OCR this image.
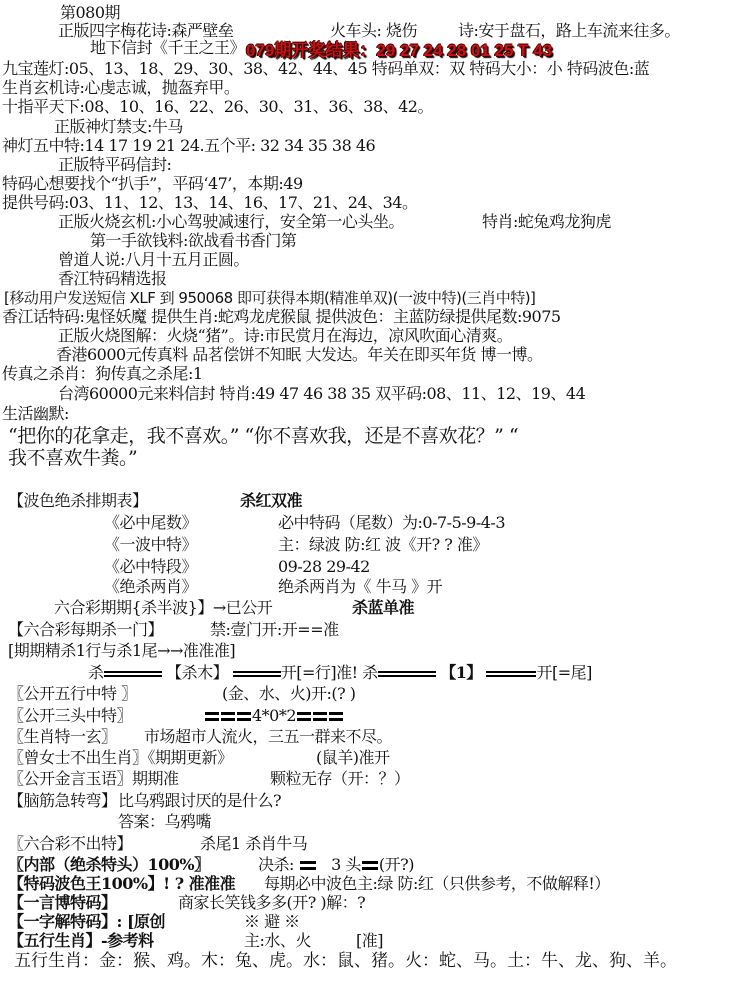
第080期
正版四字梅花诗:森严壁垒	火车头: 烧伤	诗:安于盘石，路上车流来往多。
地下信封《千王之王》 079期开奖结果：29 27 24 28 01 25 T 43
九宝莲灯:05、13、18、29、30、38、42、44、45 特码单双：双 特码大小：小 特码波色:蓝
生肖玄机诗:心虔志诚，抛盔弃甲。
十指平天下:08、10、16、22、26、30、31、36、38、42。
正版神灯禁支:牛马
神灯五中特:14 17 19 21 24.五个平: 32 34 35 38 46
正版特平码信封:
特码心想要找个“扒手”，平码‘47’，本期:49
提供号码:03、11、12、13、14、16、17、21、24、34。
正版火烧玄机:小心驾驶减速行，安全第一心头坐。	特肖:蛇兔鸡龙狗虎
第一手欲钱料:欲战看书香门第
曾道人说:八月十五月正圆。
香江特码精选报
[移动用户发送短信 XLF 到 950068 即可获得本期(精准单双)(一波中特)(三肖中特)]
香江话特码:鬼怪妖魔 提供生肖:蛇鸡龙虎猴鼠 提供波色：主蓝防绿提供尾数:9075
正版火烧图解：火烧“猪”。诗:市民赏月在海边，凉风吹面心清爽。
香港6000元传真料 品茗偿饼不知眠 大发达。年关在即买年货 博一博。
传真之杀肖：狗传真之杀尾:1
台湾60000元来料信封 特肖:49 47 46 38 35 双平码:08、11、12、19、44
生活幽默:
“把你的花拿走，我不喜欢。” “你不喜欢我，还是不喜欢花？” “
我不喜欢牛粪。”
【波色绝杀排期表】	杀红双准
《必中尾数》	必中特码（尾数）为:0-7-5-9-4-3
《一波中特》	主：绿波 防:红 波《开? ? 准》
《必中特段》	09-28 29-42
《绝杀两肖》	绝杀两肖为《 牛马 》开
六合彩期期{杀半波}】→已公开	杀蓝单准
【六合彩每期杀一门】	禁:壹门开:开==准
[期期精杀1行与杀1尾→→准准准]
杀	【杀木】	开[=行]准! 杀	【1】	开[=尾]
〖公开五行中特 〗	(金、水、火)开:(? )
〖公开三头中特〗	4*0*2
〖生肖特一玄〗 市场超市人流火，三五一群来不尽。
〖曾女士不出生肖〗《期期更新》	(鼠羊)准开
〖公开金言玉语〗期期准	颗粒无存（开：？）
【脑筋急转弯】 比乌鸦跟讨厌的是什么?
答案：乌鸦嘴
〖六合彩不出特】	杀尾1 杀肖牛马
〖内部（绝杀特头）100%〗	决杀: 3 头 (开?)
【特码波色王100%】! ? 准准准 每期必中波色主:绿 防:红（只供参考，不做解释!）
【一言博特码】	商家长笑钱多多(开? )解：?
【一字解特码】: [原创	※ 避 ※
【五行生肖】-参考料	主:水、火	[准]
五行生肖：金：猴、鸡。木：兔、虎。水：鼠、猪。火：蛇、马。土：牛、龙、狗、羊。
